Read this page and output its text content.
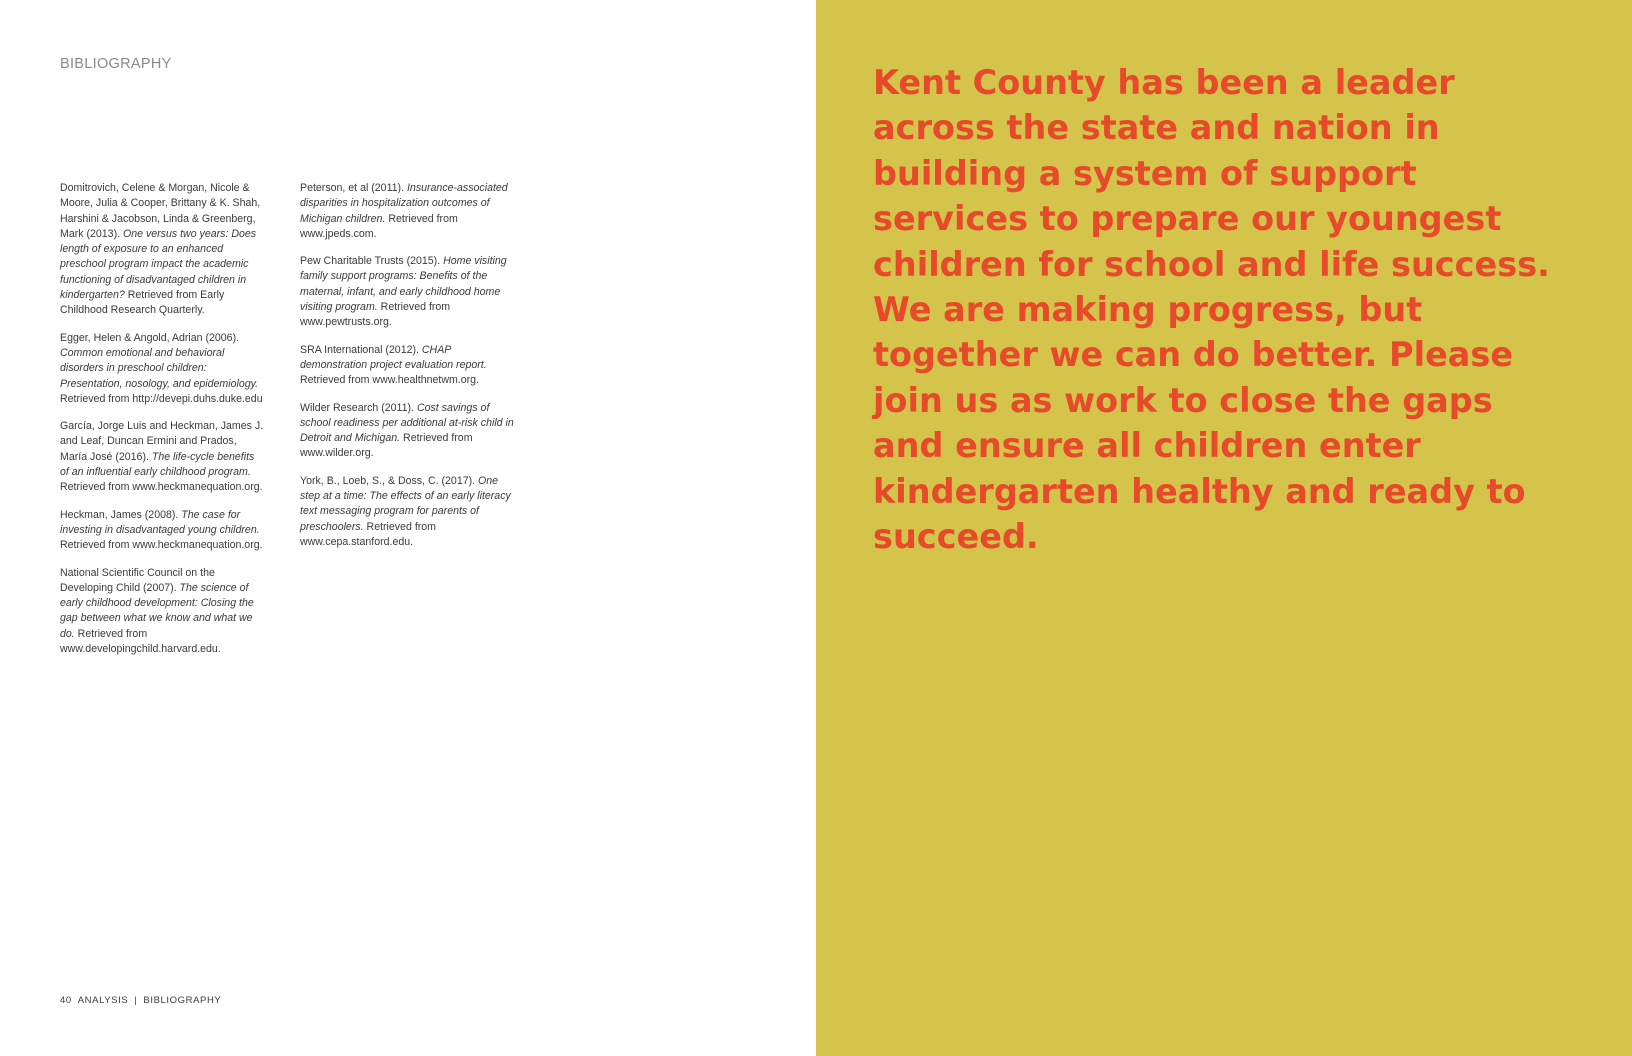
BIBLIOGRAPHY

Domitrovich, Celene & Morgan, Nicole & Moore, Julia & Cooper, Brittany & K. Shah, Harshini & Jacobson, Linda & Greenberg, Mark (2013). One versus two years: Does length of exposure to an enhanced preschool program impact the academic functioning of disadvantaged children in kindergarten? Retrieved from Early Childhood Research Quarterly.

Egger, Helen & Angold, Adrian (2006). Common emotional and behavioral disorders in preschool children: Presentation, nosology, and epidemiology. Retrieved from http://devepi.duhs.duke.edu

García, Jorge Luis and Heckman, James J. and Leaf, Duncan Ermini and Prados, María José (2016). The life-cycle benefits of an influential early childhood program. Retrieved from www.heckmanequation.org.

Heckman, James (2008). The case for investing in disadvantaged young children. Retrieved from www.heckmanequation.org.

National Scientific Council on the Developing Child (2007). The science of early childhood development: Closing the gap between what we know and what we do. Retrieved from www.developingchild.harvard.edu.

Peterson, et al (2011). Insurance-associated disparities in hospitalization outcomes of Michigan children. Retrieved from www.jpeds.com.

Pew Charitable Trusts (2015). Home visiting family support programs: Benefits of the maternal, infant, and early childhood home visiting program. Retrieved from www.pewtrusts.org.

SRA International (2012). CHAP demonstration project evaluation report. Retrieved from www.healthnetwm.org.

Wilder Research (2011). Cost savings of school readiness per additional at-risk child in Detroit and Michigan. Retrieved from www.wilder.org.

York, B., Loeb, S., & Doss, C. (2017). One step at a time: The effects of an early literacy text messaging program for parents of preschoolers. Retrieved from www.cepa.stanford.edu.

40 ANALYSIS | BIBLIOGRAPHY

Kent County has been a leader across the state and nation in building a system of support services to prepare our youngest children for school and life success. We are making progress, but together we can do better. Please join us as work to close the gaps and ensure all children enter kindergarten healthy and ready to succeed.
